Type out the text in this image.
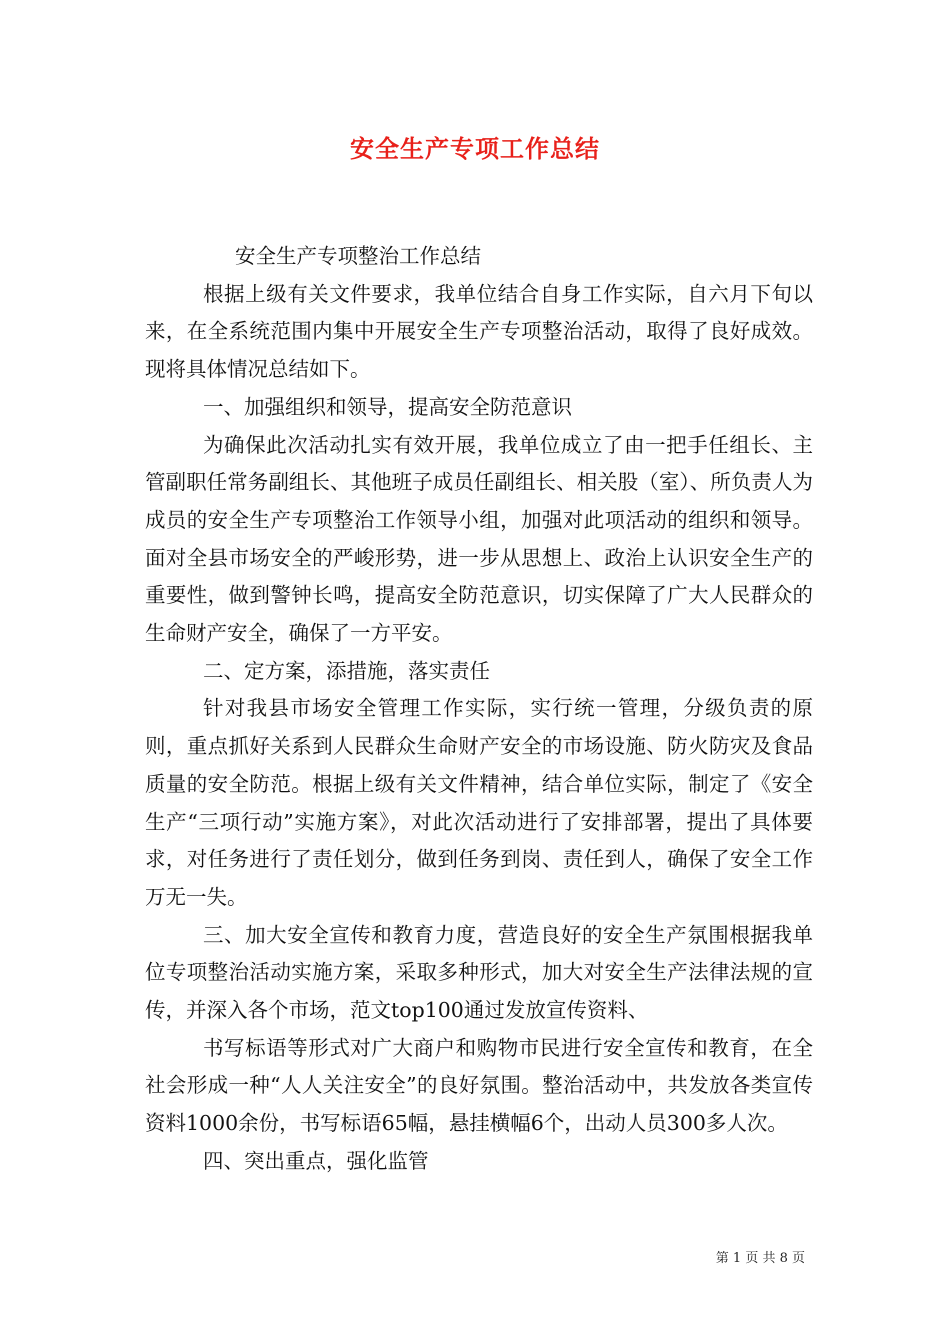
安全生产专项工作总结

安全生产专项整治工作总结

根据上级有关文件要求，我单位结合自身工作实际，自六月下旬以来，在全系统范围内集中开展安全生产专项整治活动，取得了良好成效。现将具体情况总结如下。

一、加强组织和领导，提高安全防范意识

为确保此次活动扎实有效开展，我单位成立了由一把手任组长、主管副职任常务副组长、其他班子成员任副组长、相关股（室）、所负责人为成员的安全生产专项整治工作领导小组，加强对此项活动的组织和领导。面对全县市场安全的严峻形势，进一步从思想上、政治上认识安全生产的重要性，做到警钟长鸣，提高安全防范意识，切实保障了广大人民群众的生命财产安全，确保了一方平安。

二、定方案，添措施，落实责任

针对我县市场安全管理工作实际，实行统一管理，分级负责的原则，重点抓好关系到人民群众生命财产安全的市场设施、防火防灾及食品质量的安全防范。根据上级有关文件精神，结合单位实际，制定了《安全生产“三项行动”实施方案》，对此次活动进行了安排部署，提出了具体要求，对任务进行了责任划分，做到任务到岗、责任到人，确保了安全工作万无一失。

三、加大安全宣传和教育力度，营造良好的安全生产氛围根据我单位专项整治活动实施方案，采取多种形式，加大对安全生产法律法规的宣传，并深入各个市场，范文top100通过发放宣传资料、

书写标语等形式对广大商户和购物市民进行安全宣传和教育，在全社会形成一种“人人关注安全”的良好氛围。整治活动中，共发放各类宣传资料1000余份，书写标语65幅，悬挂横幅6个，出动人员300多人次。

四、突出重点，强化监管

第 1 页 共 8 页
